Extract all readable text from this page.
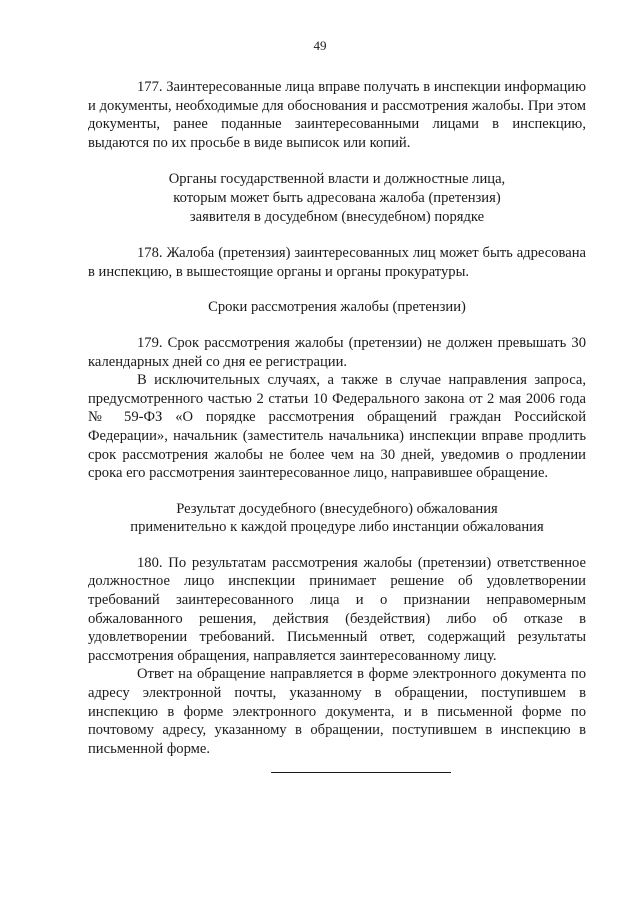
49

177. Заинтересованные лица вправе получать в инспекции информацию и документы, необходимые для обоснования и рассмотрения жалобы. При этом документы, ранее поданные заинтересованными лицами в инспекцию, выдаются по их просьбе в виде выписок или копий.

Органы государственной власти и должностные лица,

которым может быть адресована жалоба (претензия)

заявителя в досудебном (внесудебном) порядке

178. Жалоба (претензия) заинтересованных лиц может быть адресована в инспекцию, в вышестоящие органы и органы прокуратуры.

Сроки рассмотрения жалобы (претензии)

179. Срок рассмотрения жалобы (претензии) не должен превышать 30 календарных дней со дня ее регистрации.

В исключительных случаях, а также в случае направления запроса, предусмотренного частью 2 статьи 10 Федерального закона от 2 мая 2006 года № 59-ФЗ «О порядке рассмотрения обращений граждан Российской Федерации», начальник (заместитель начальника) инспекции вправе продлить срок рассмотрения жалобы не более чем на 30 дней, уведомив о продлении срока его рассмотрения заинтересованное лицо, направившее обращение.

Результат досудебного (внесудебного) обжалования

применительно к каждой процедуре либо инстанции обжалования

180. По результатам рассмотрения жалобы (претензии) ответственное должностное лицо инспекции принимает решение об удовлетворении требований заинтересованного лица и о признании неправомерным обжалованного решения, действия (бездействия) либо об отказе в удовлетворении требований. Письменный ответ, содержащий результаты рассмотрения обращения, направляется заинтересованному лицу.

Ответ на обращение направляется в форме электронного документа по адресу электронной почты, указанному в обращении, поступившем в инспекцию в форме электронного документа, и в письменной форме по почтовому адресу, указанному в обращении, поступившем в инспекцию в письменной форме.
